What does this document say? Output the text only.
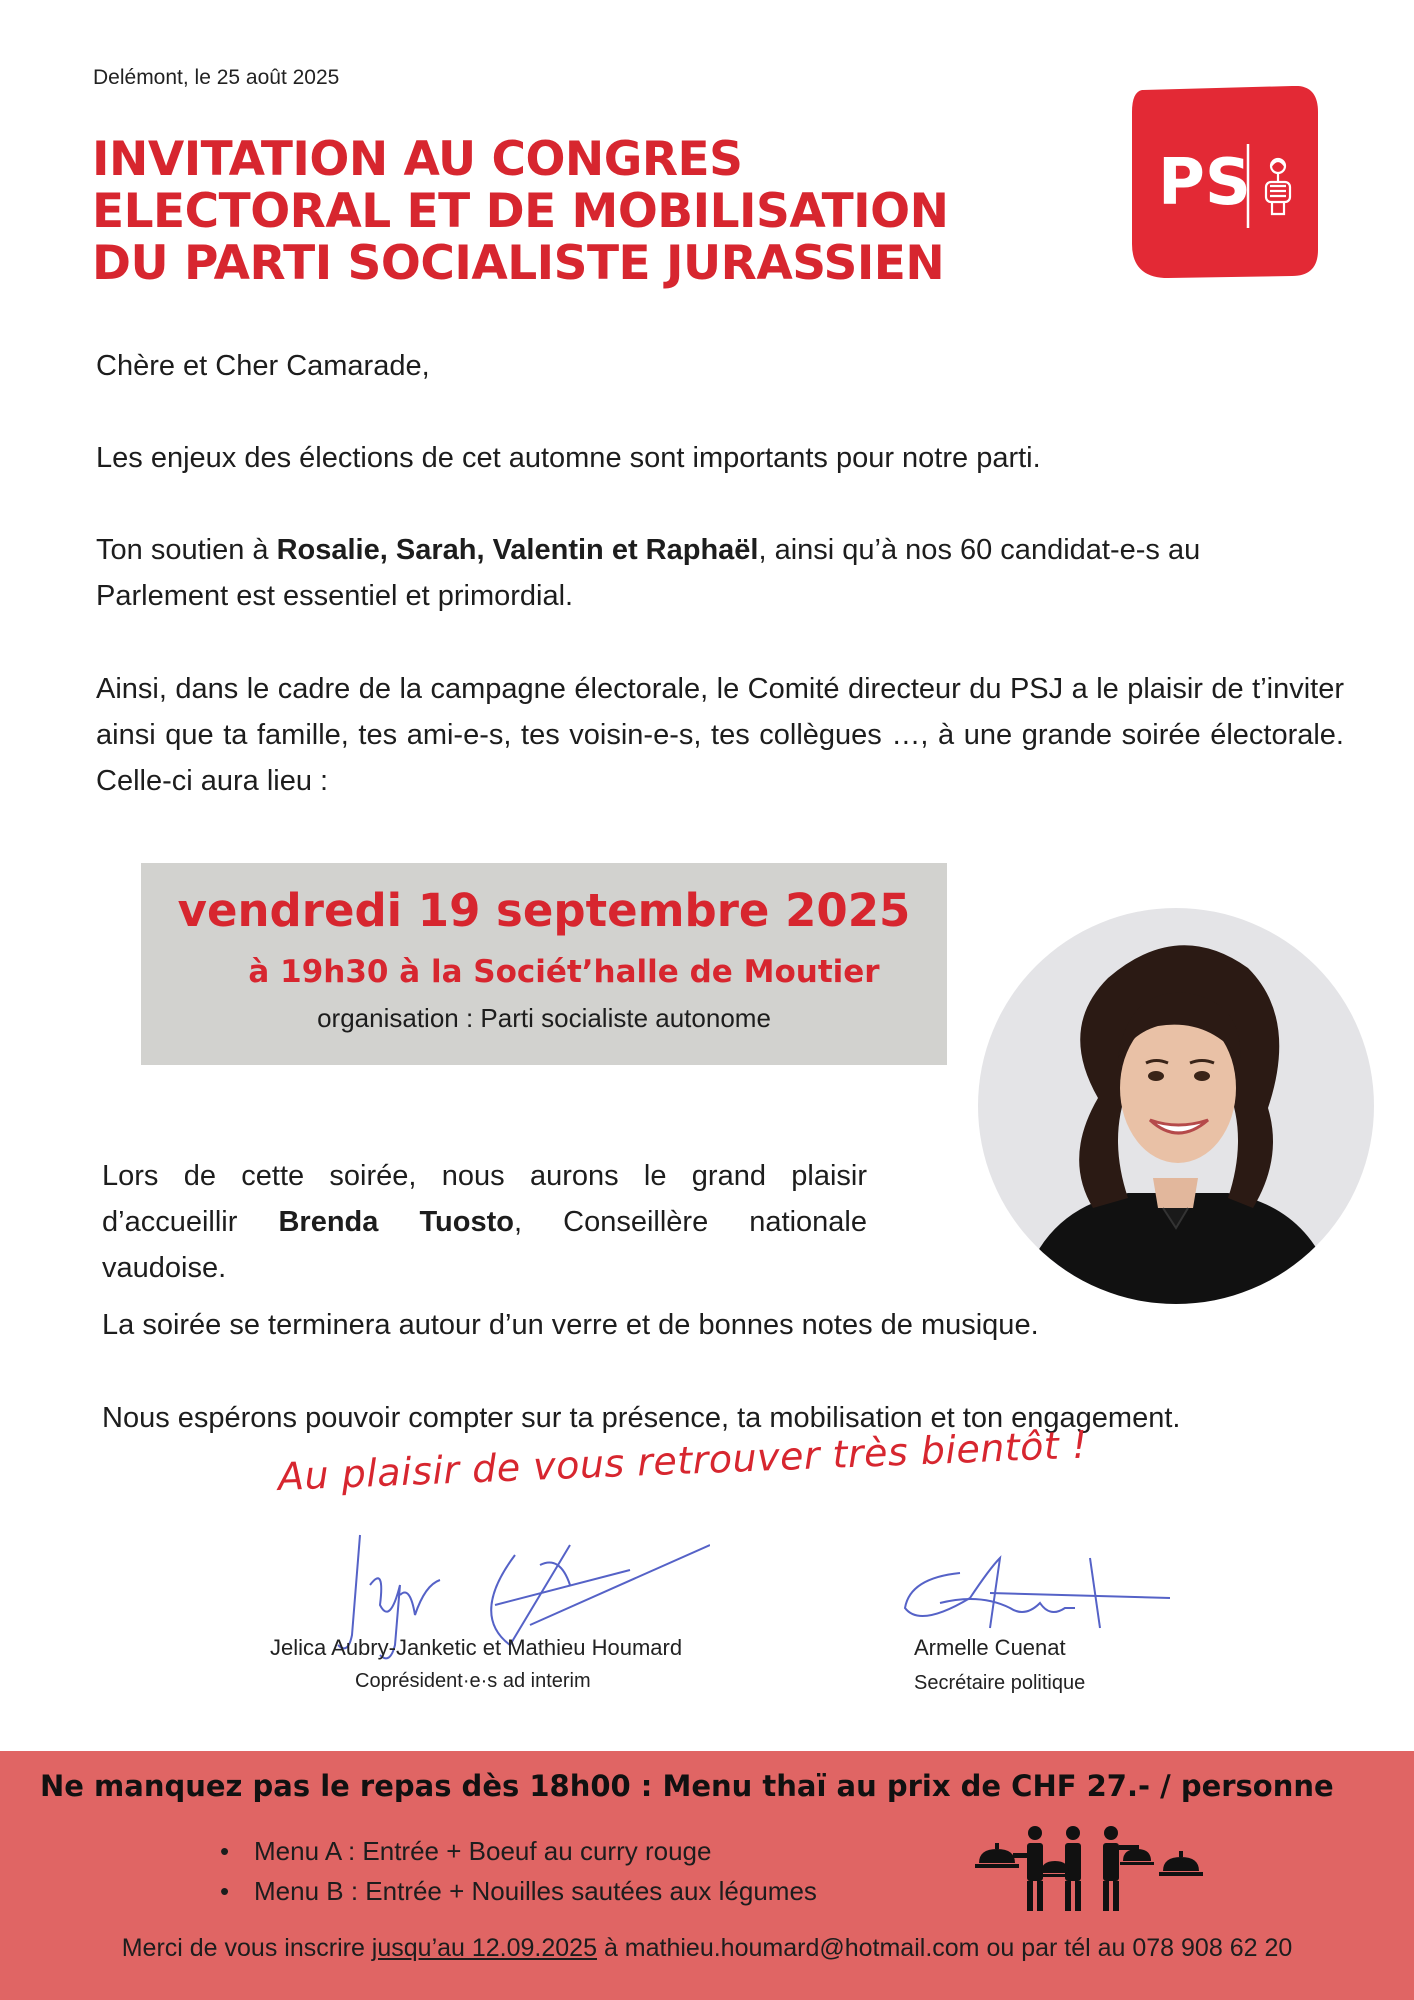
Delémont, le 25 août 2025
INVITATION AU CONGRES
ELECTORAL ET DE MOBILISATION
DU PARTI SOCIALISTE JURASSIEN
PS

Chère et Cher Camarade,

Les enjeux des élections de cet automne sont importants pour notre parti.

Ton soutien à Rosalie, Sarah, Valentin et Raphaël, ainsi qu’à nos 60 candidat-e-s au Parlement est essentiel et primordial.

Ainsi, dans le cadre de la campagne électorale, le Comité directeur du PSJ a le plaisir de t’inviter ainsi que ta famille, tes ami-e-s, tes voisin-e-s, tes collègues …, à une grande soirée électorale. Celle-ci aura lieu :

vendredi 19 septembre 2025
à 19h30 à la Sociét’halle de Moutier
organisation : Parti socialiste autonome

Lors de cette soirée, nous aurons le grand plaisir d’accueillir Brenda Tuosto, Conseillère nationale vaudoise.

La soirée se terminera autour d’un verre et de bonnes notes de musique.

Nous espérons pouvoir compter sur ta présence, ta mobilisation et ton engagement.

Au plaisir de vous retrouver très bientôt !
Jelica Aubry-Janketic et Mathieu Houmard
Coprésident·e·s ad interim
Armelle Cuenat
Secrétaire politique
Ne manquez pas le repas dès 18h00 : Menu thaï au prix de CHF 27.- / personne
• Menu A : Entrée + Boeuf au curry rouge
• Menu B : Entrée + Nouilles sautées aux légumes
Merci de vous inscrire jusqu’au 12.09.2025 à mathieu.houmard@hotmail.com ou par tél au 078 908 62 20
